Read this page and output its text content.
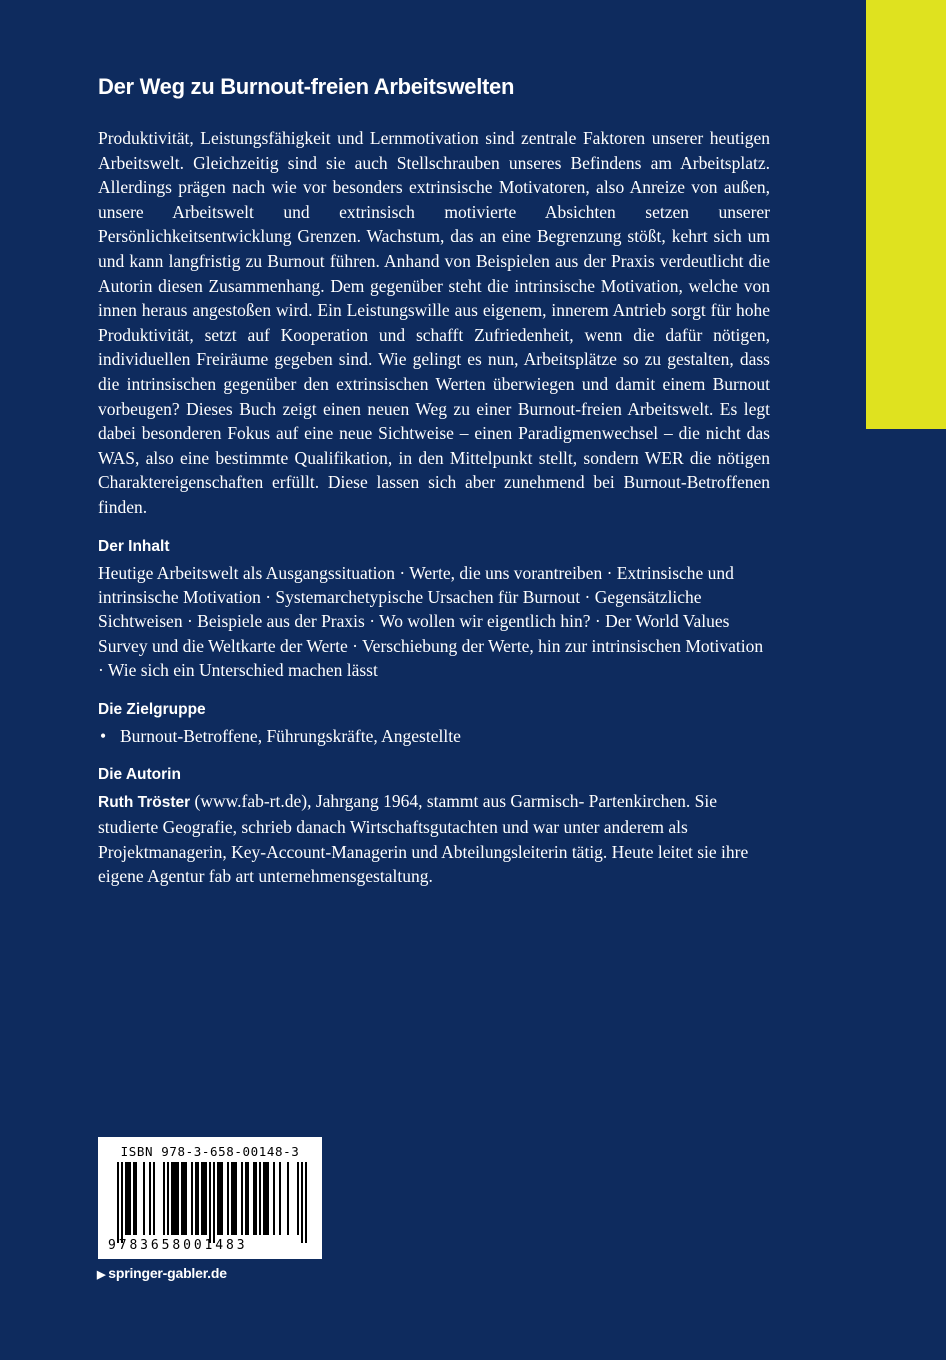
Der Weg zu Burnout-freien Arbeitswelten

Produktivität, Leistungsfähigkeit und Lernmotivation sind zentrale Faktoren unserer heutigen Arbeitswelt. Gleichzeitig sind sie auch Stellschrauben unseres Befindens am Arbeitsplatz. Allerdings prägen nach wie vor besonders extrinsische Motivatoren, also Anreize von außen, unsere Arbeitswelt und extrinsisch motivierte Absichten setzen unserer Persönlichkeitsentwicklung Grenzen. Wachstum, das an eine Begrenzung stößt, kehrt sich um und kann langfristig zu Burnout führen. Anhand von Beispielen aus der Praxis verdeutlicht die Autorin diesen Zusammenhang. Dem gegenüber steht die intrinsische Motivation, welche von innen heraus angestoßen wird. Ein Leistungswille aus eigenem, innerem Antrieb sorgt für hohe Produktivität, setzt auf Kooperation und schafft Zufriedenheit, wenn die dafür nötigen, individuellen Freiräume gegeben sind. Wie gelingt es nun, Arbeitsplätze so zu gestalten, dass die intrinsischen gegenüber den extrinsischen Werten überwiegen und damit einem Burnout vorbeugen? Dieses Buch zeigt einen neuen Weg zu einer Burnout-freien Arbeitswelt. Es legt dabei besonderen Fokus auf eine neue Sichtweise – einen Paradigmenwechsel – die nicht das WAS, also eine bestimmte Qualifikation, in den Mittelpunkt stellt, sondern WER die nötigen Charaktereigenschaften erfüllt. Diese lassen sich aber zunehmend bei Burnout-Betroffenen finden.

Der Inhalt

Heutige Arbeitswelt als Ausgangssituation · Werte, die uns vorantreiben · Extrinsische und intrinsische Motivation · Systemarchetypische Ursachen für Burnout · Gegensätzliche Sichtweisen · Beispiele aus der Praxis · Wo wollen wir eigentlich hin? · Der World Values Survey und die Weltkarte der Werte · Verschiebung der Werte, hin zur intrinsischen Motivation · Wie sich ein Unterschied machen lässt

Die Zielgruppe
• Burnout-Betroffene, Führungskräfte, Angestellte
Die Autorin

Ruth Tröster (www.fab-rt.de), Jahrgang 1964, stammt aus Garmisch- Partenkirchen. Sie studierte Geografie, schrieb danach Wirtschaftsgutachten und war unter anderem als Projektmanagerin, Key-Account-Managerin und Abteilungsleiterin tätig. Heute leitet sie ihre eigene Agentur fab art unternehmensgestaltung.

ISBN 978-3-658-00148-3
9783658001483
▶ springer-gabler.de
